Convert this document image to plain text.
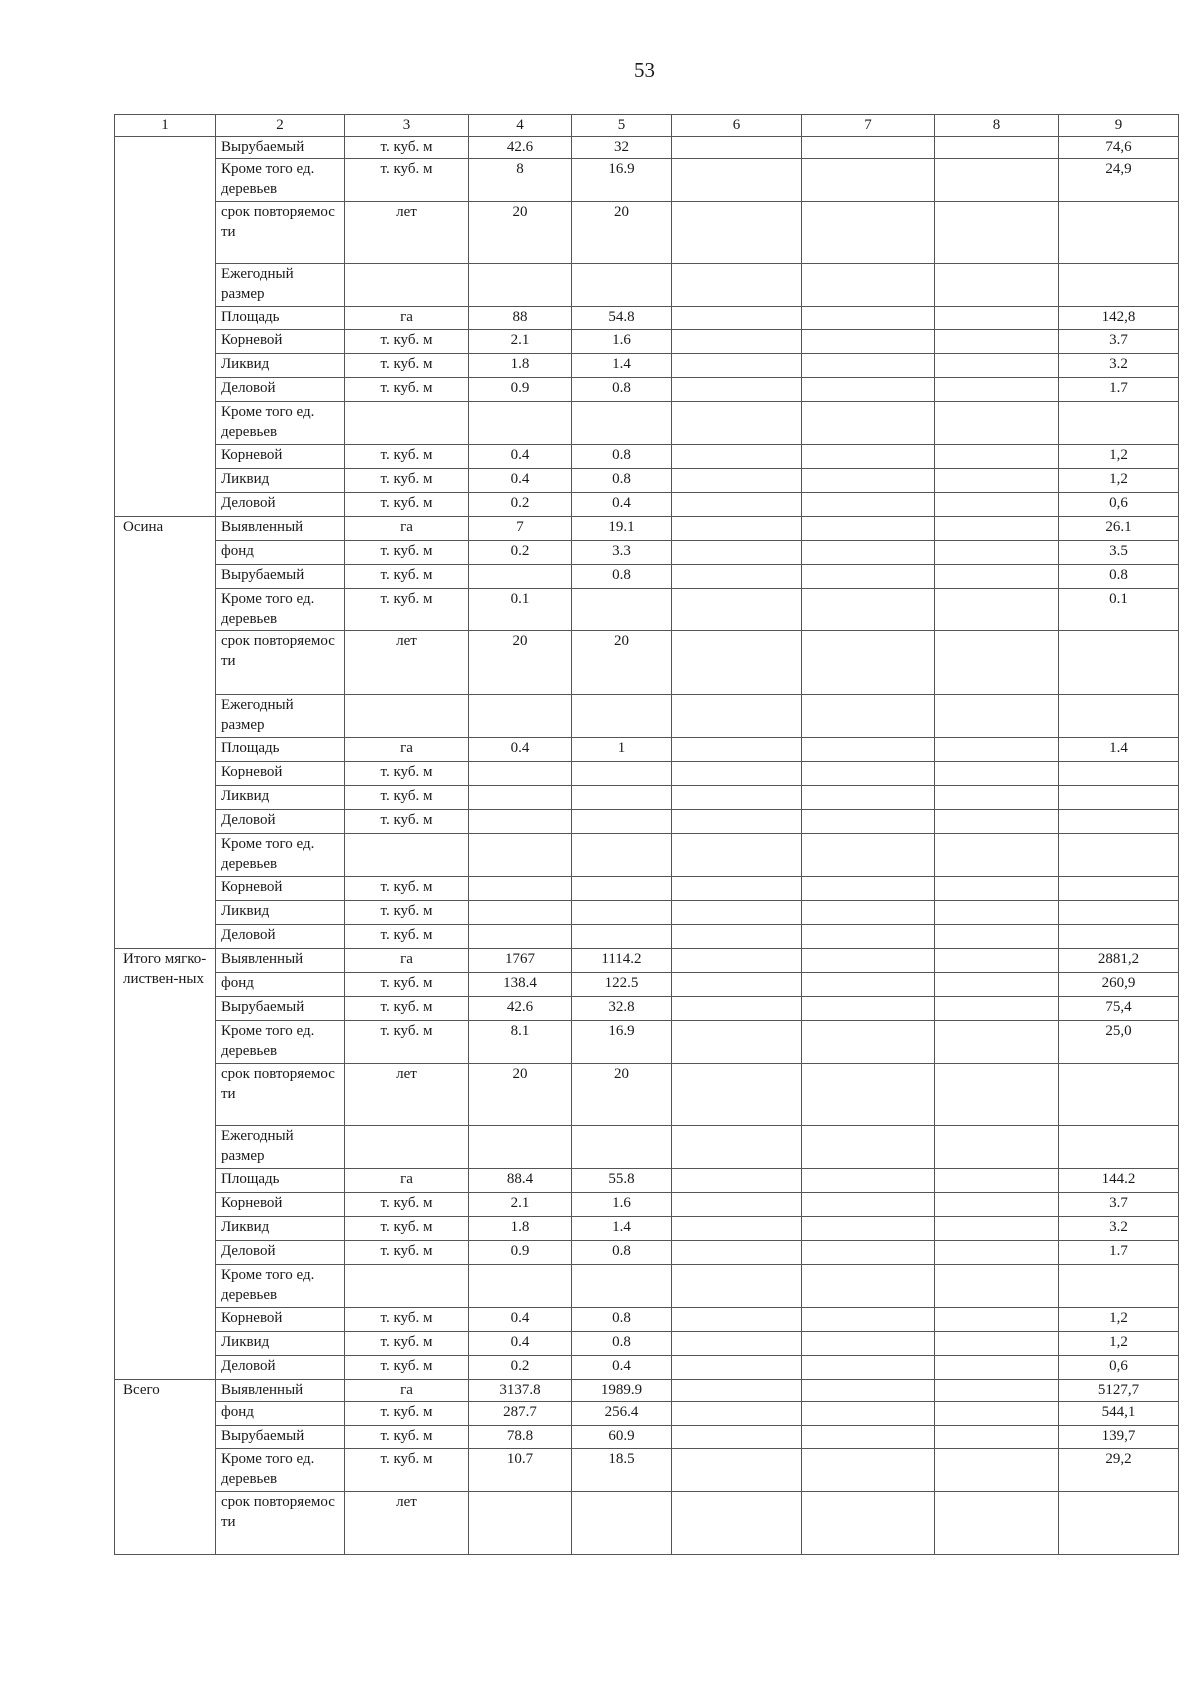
53
1	2	3	4	5	6	7	8	9
	Вырубаемый	т. куб. м	42.6	32				74,6
	Кроме того ед. деревьев	т. куб. м	8	16.9				24,9
	срок повторяемос ти	лет	20	20				
	Ежегодный размер							
	Площадь	га	88	54.8				142,8
	Корневой	т. куб. м	2.1	1.6				3.7
	Ликвид	т. куб. м	1.8	1.4				3.2
	Деловой	т. куб. м	0.9	0.8				1.7
	Кроме того ед. деревьев							
	Корневой	т. куб. м	0.4	0.8				1,2
	Ликвид	т. куб. м	0.4	0.8				1,2
	Деловой	т. куб. м	0.2	0.4				0,6
Осина	Выявленный	га	7	19.1				26.1
	фонд	т. куб. м	0.2	3.3				3.5
	Вырубаемый	т. куб. м		0.8				0.8
	Кроме того ед. деревьев	т. куб. м	0.1					0.1
	срок повторяемос ти	лет	20	20				
	Ежегодный размер							
	Площадь	га	0.4	1				1.4
	Корневой	т. куб. м						
	Ликвид	т. куб. м						
	Деловой	т. куб. м						
	Кроме того ед. деревьев							
	Корневой	т. куб. м						
	Ликвид	т. куб. м						
	Деловой	т. куб. м						
Итого мягко-листвен-ных	Выявленный	га	1767	1114.2				2881,2
	фонд	т. куб. м	138.4	122.5				260,9
	Вырубаемый	т. куб. м	42.6	32.8				75,4
	Кроме того ед. деревьев	т. куб. м	8.1	16.9				25,0
	срок повторяемос ти	лет	20	20				
	Ежегодный размер							
	Площадь	га	88.4	55.8				144.2
	Корневой	т. куб. м	2.1	1.6				3.7
	Ликвид	т. куб. м	1.8	1.4				3.2
	Деловой	т. куб. м	0.9	0.8				1.7
	Кроме того ед. деревьев							
	Корневой	т. куб. м	0.4	0.8				1,2
	Ликвид	т. куб. м	0.4	0.8				1,2
	Деловой	т. куб. м	0.2	0.4				0,6
Всего	Выявленный	га	3137.8	1989.9				5127,7
	фонд	т. куб. м	287.7	256.4				544,1
	Вырубаемый	т. куб. м	78.8	60.9				139,7
	Кроме того ед. деревьев	т. куб. м	10.7	18.5				29,2
	срок повторяемос ти	лет						
